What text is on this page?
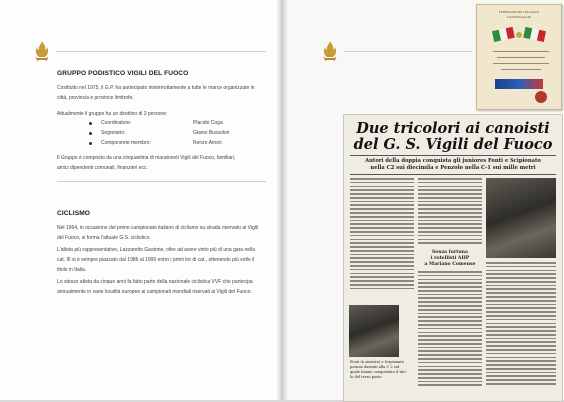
GRUPPO PODISTICO VIGILI DEL FUOCO
Costituito nel 1975, il G.P. ha partecipato ininterrottamente a tutte le marce organizzate in
città, provincia e province limitrofe.
Attualmente il gruppo ha un direttivo di 3 persone:
Coordinatore:	Placido Coga
Segretario:	Gianni Bussolon
Componente membro:	Renzo Amori
Il Gruppo è composto da una cinquantina di maratoneti Vigili del Fuoco, familiari,
amici dipendenti comunali, finanzieri ecc.
CICLISMO
Nel 1964, in occasione del primo campionato italiano di ciclismo su strada riservato ai Vigili
del Fuoco, si forma l'attuale G.S. ciclistico.
L'atleta più rappresentativo, Lazzaretto Gastone, oltre ad avere vinto più di una gara nella
cat. III si è sempre piazzato dal 1986 al 1990 entro i primi tre di cat., ottenendo più volte il
titolo in Italia.
Lo stesso atleta da cinque anni fa fatto parte della nazionale ciclistica VVF che partecipa
annualmente in varie località europee ai campionati mondiali riservati ai Vigili del Fuoco.
FEDERAZIONE ITALIANA
CANOTTAGGIO
Due tricolori ai canoisti
del G. S. Vigili del Fuoco
Autori della doppia conquista gli juniores Fonti e Scipionato
nella C2 sui diecimila e Penzolo nella C-1 sui mille metri
Senza fortuna
i rotellisti AHP
a Mariano Comense
Fonti (a sinistra) e Scipionato
posano davanti alla C 2 sul
quale hanno conquistato il tito-
lo del terzo posto
